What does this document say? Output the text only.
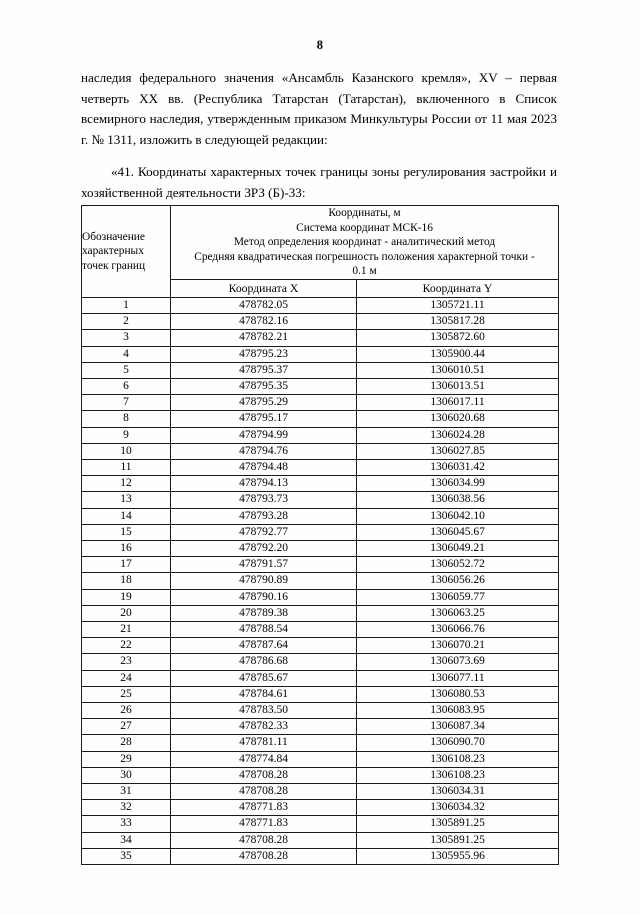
8
наследия федерального значения «Ансамбль Казанского кремля», XV – первая четверть XX вв. (Республика Татарстан (Татарстан), включенного в Список всемирного наследия, утвержденным приказом Минкультуры России от 11 мая 2023 г. № 1311, изложить в следующей редакции:
«41. Координаты характерных точек границы зоны регулирования застройки и хозяйственной деятельности ЗРЗ (Б)-33:
Обозначение характерных точек границ	Координаты, м
Система координат МСК-16
Метод определения координат - аналитический метод
Средняя квадратическая погрешность положения характерной точки -
0.1 м	

	Координата X	Координата Y
1	478782.05	1305721.11
2	478782.16	1305817.28
3	478782.21	1305872.60
4	478795.23	1305900.44
5	478795.37	1306010.51
6	478795.35	1306013.51
7	478795.29	1306017.11
8	478795.17	1306020.68
9	478794.99	1306024.28
10	478794.76	1306027.85
11	478794.48	1306031.42
12	478794.13	1306034.99
13	478793.73	1306038.56
14	478793.28	1306042.10
15	478792.77	1306045.67
16	478792.20	1306049.21
17	478791.57	1306052.72
18	478790.89	1306056.26
19	478790.16	1306059.77
20	478789.38	1306063.25
21	478788.54	1306066.76
22	478787.64	1306070.21
23	478786.68	1306073.69
24	478785.67	1306077.11
25	478784.61	1306080.53
26	478783.50	1306083.95
27	478782.33	1306087.34
28	478781.11	1306090.70
29	478774.84	1306108.23
30	478708.28	1306108.23
31	478708.28	1306034.31
32	478771.83	1306034.32
33	478771.83	1305891.25
34	478708.28	1305891.25
35	478708.28	1305955.96
